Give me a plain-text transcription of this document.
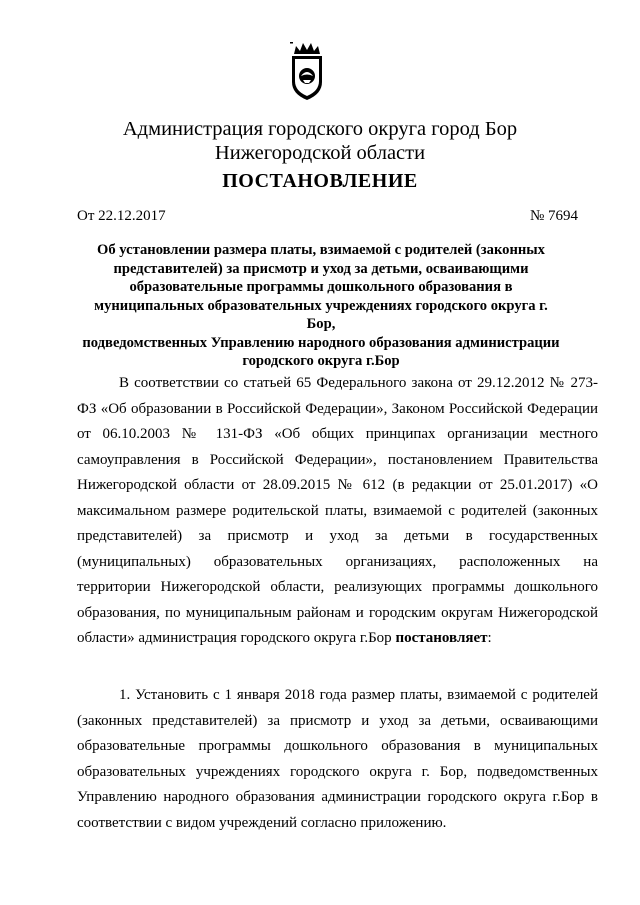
Администрация городского округа город Бор
Нижегородской области
ПОСТАНОВЛЕНИЕ
От 22.12.2017	№ 7694
Об установлении размера платы, взимаемой с родителей (законных
представителей) за присмотр и уход за детьми, осваивающими
образовательные программы дошкольного образования в
муниципальных образовательных учреждениях городского округа г. Бор,
подведомственных Управлению народного образования администрации
городского округа г.Бор
В соответствии со статьей 65 Федерального закона от 29.12.2012 № 273-ФЗ «Об образовании в Российской Федерации», Законом Российской Федерации от 06.10.2003 № 131-ФЗ «Об общих принципах организации местного самоуправления в Российской Федерации», постановлением Правительства Нижегородской области от 28.09.2015 № 612 (в редакции от 25.01.2017) «О максимальном размере родительской платы, взимаемой с родителей (законных представителей) за присмотр и уход за детьми в государственных (муниципальных) образовательных организациях, расположенных на территории Нижегородской области, реализующих программы дошкольного образования, по муниципальным районам и городским округам Нижегородской области» администрация городского округа г.Бор постановляет:
1. Установить с 1 января 2018 года размер платы, взимаемой с родителей (законных представителей) за присмотр и уход за детьми, осваивающими образовательные программы дошкольного образования в муниципальных образовательных учреждениях городского округа г. Бор, подведомственных Управлению народного образования администрации городского округа г.Бор в соответствии с видом учреждений согласно приложению.
